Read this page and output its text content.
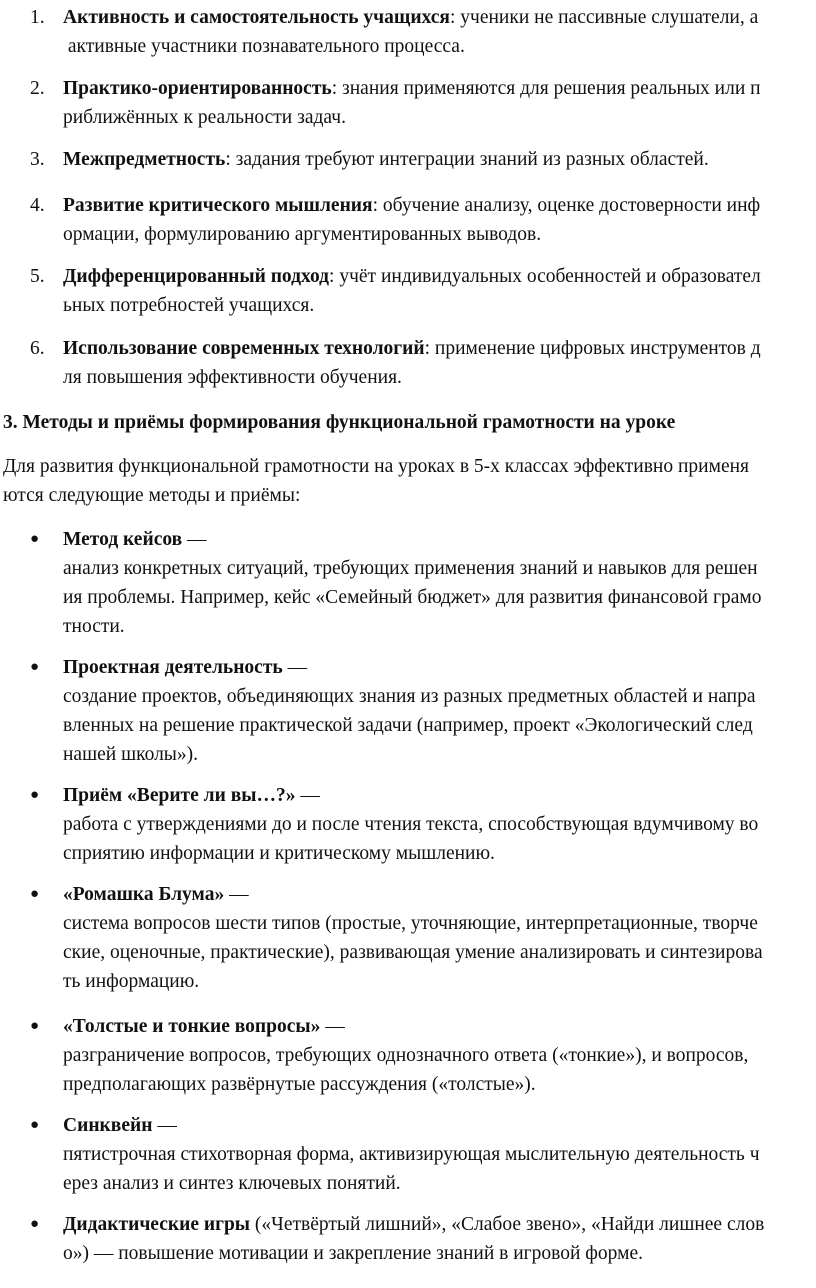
1. Активность и самостоятельность учащихся: ученики не пассивные слушатели, а
активные участники познавательного процесса.
2. Практико-ориентированность: знания применяются для решения реальных или п
риближённых к реальности задач.
3. Межпредметность: задания требуют интеграции знаний из разных областей.
4. Развитие критического мышления: обучение анализу, оценке достоверности инф
ормации, формулированию аргументированных выводов.
5. Дифференцированный подход: учёт индивидуальных особенностей и образовател
ьных потребностей учащихся.
6. Использование современных технологий: применение цифровых инструментов д
ля повышения эффективности обучения.
3. Методы и приёмы формирования функциональной грамотности на уроке
Для развития функциональной грамотности на уроках в 5-х классах эффективно применя
ются следующие методы и приёмы:
● Метод кейсов —
анализ конкретных ситуаций, требующих применения знаний и навыков для решен
ия проблемы. Например, кейс «Семейный бюджет» для развития финансовой грамо
тности.
● Проектная деятельность —
создание проектов, объединяющих знания из разных предметных областей и напра
вленных на решение практической задачи (например, проект «Экологический след
нашей школы»).
● Приём «Верите ли вы…?» —
работа с утверждениями до и после чтения текста, способствующая вдумчивому во
сприятию информации и критическому мышлению.
● «Ромашка Блума» —
система вопросов шести типов (простые, уточняющие, интерпретационные, творче
ские, оценочные, практические), развивающая умение анализировать и синтезирова
ть информацию.
● «Толстые и тонкие вопросы» —
разграничение вопросов, требующих однозначного ответа («тонкие»), и вопросов,
предполагающих развёрнутые рассуждения («толстые»).
● Синквейн —
пятистрочная стихотворная форма, активизирующая мыслительную деятельность ч
ерез анализ и синтез ключевых понятий.
● Дидактические игры («Четвёртый лишний», «Слабое звено», «Найди лишнее слов
о») — повышение мотивации и закрепление знаний в игровой форме.
